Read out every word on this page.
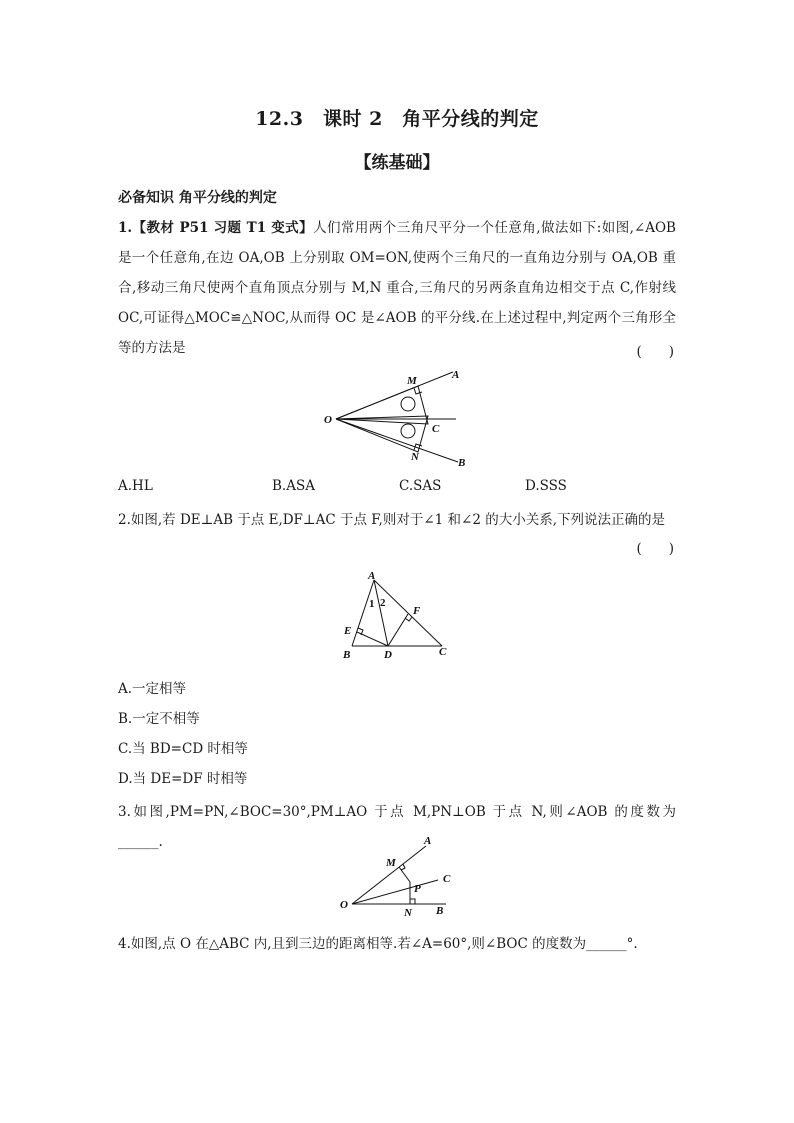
12.3 课时 2 角平分线的判定
【练基础】
必备知识 角平分线的判定
1.【教材 P51 习题 T1 变式】人们常用两个三角尺平分一个任意角,做法如下:如图,∠AOB 是一个任意角,在边 OA,OB 上分别取 OM=ON,使两个三角尺的一直角边分别与 OA,OB 重合,移动三角尺使两个直角顶点分别与 M,N 重合,三角尺的另两条直角边相交于点 C,作射线 OC,可证得△MOC≌△NOC,从而得 OC 是∠AOB 的平分线.在上述过程中,判定两个三角形全等的方法是	(  )
M	A
O
C
N	B
A.HL	B.ASA	C.SAS	D.SSS
2.如图,若 DE⊥AB 于点 E,DF⊥AC 于点 F,则对于∠1 和∠2 的大小关系,下列说法正确的是
(  )
A
1 2
F
E
B	D	C
A.一定相等
B.一定不相等
C.当 BD=CD 时相等
D.当 DE=DF 时相等
3.如图,PM=PN,∠BOC=30°,PM⊥AO 于点 M,PN⊥OB 于点 N,则∠AOB 的度数为______.	A
M
C
P
O
N B
4.如图,点 O 在△ABC 内,且到三边的距离相等.若∠A=60°,则∠BOC 的度数为______°.
